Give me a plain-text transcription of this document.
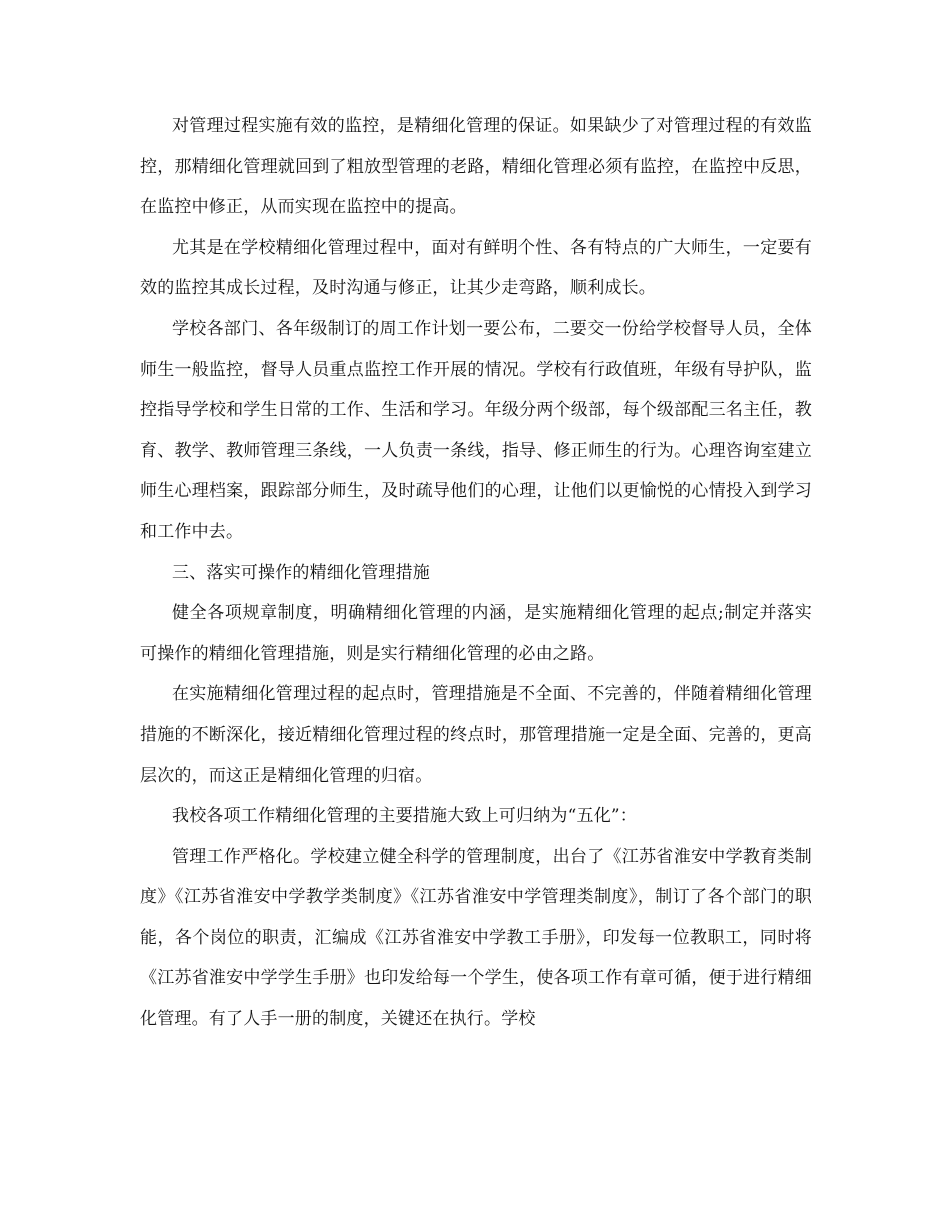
对管理过程实施有效的监控，是精细化管理的保证。如果缺少了对管理过程的有效监控，那精细化管理就回到了粗放型管理的老路，精细化管理必须有监控，在监控中反思，在监控中修正，从而实现在监控中的提高。

尤其是在学校精细化管理过程中，面对有鲜明个性、各有特点的广大师生，一定要有效的监控其成长过程，及时沟通与修正，让其少走弯路，顺利成长。

学校各部门、各年级制订的周工作计划一要公布，二要交一份给学校督导人员，全体师生一般监控，督导人员重点监控工作开展的情况。学校有行政值班，年级有导护队，监控指导学校和学生日常的工作、生活和学习。年级分两个级部，每个级部配三名主任，教育、教学、教师管理三条线，一人负责一条线，指导、修正师生的行为。心理咨询室建立师生心理档案，跟踪部分师生，及时疏导他们的心理，让他们以更愉悦的心情投入到学习和工作中去。

三、落实可操作的精细化管理措施

健全各项规章制度，明确精细化管理的内涵，是实施精细化管理的起点;制定并落实可操作的精细化管理措施，则是实行精细化管理的必由之路。

在实施精细化管理过程的起点时，管理措施是不全面、不完善的，伴随着精细化管理措施的不断深化，接近精细化管理过程的终点时，那管理措施一定是全面、完善的，更高层次的，而这正是精细化管理的归宿。

我校各项工作精细化管理的主要措施大致上可归纳为“五化”：

管理工作严格化。学校建立健全科学的管理制度，出台了《江苏省淮安中学教育类制度》《江苏省淮安中学教学类制度》《江苏省淮安中学管理类制度》，制订了各个部门的职能，各个岗位的职责，汇编成《江苏省淮安中学教工手册》，印发每一位教职工，同时将《江苏省淮安中学学生手册》也印发给每一个学生，使各项工作有章可循，便于进行精细化管理。有了人手一册的制度，关键还在执行。学校
